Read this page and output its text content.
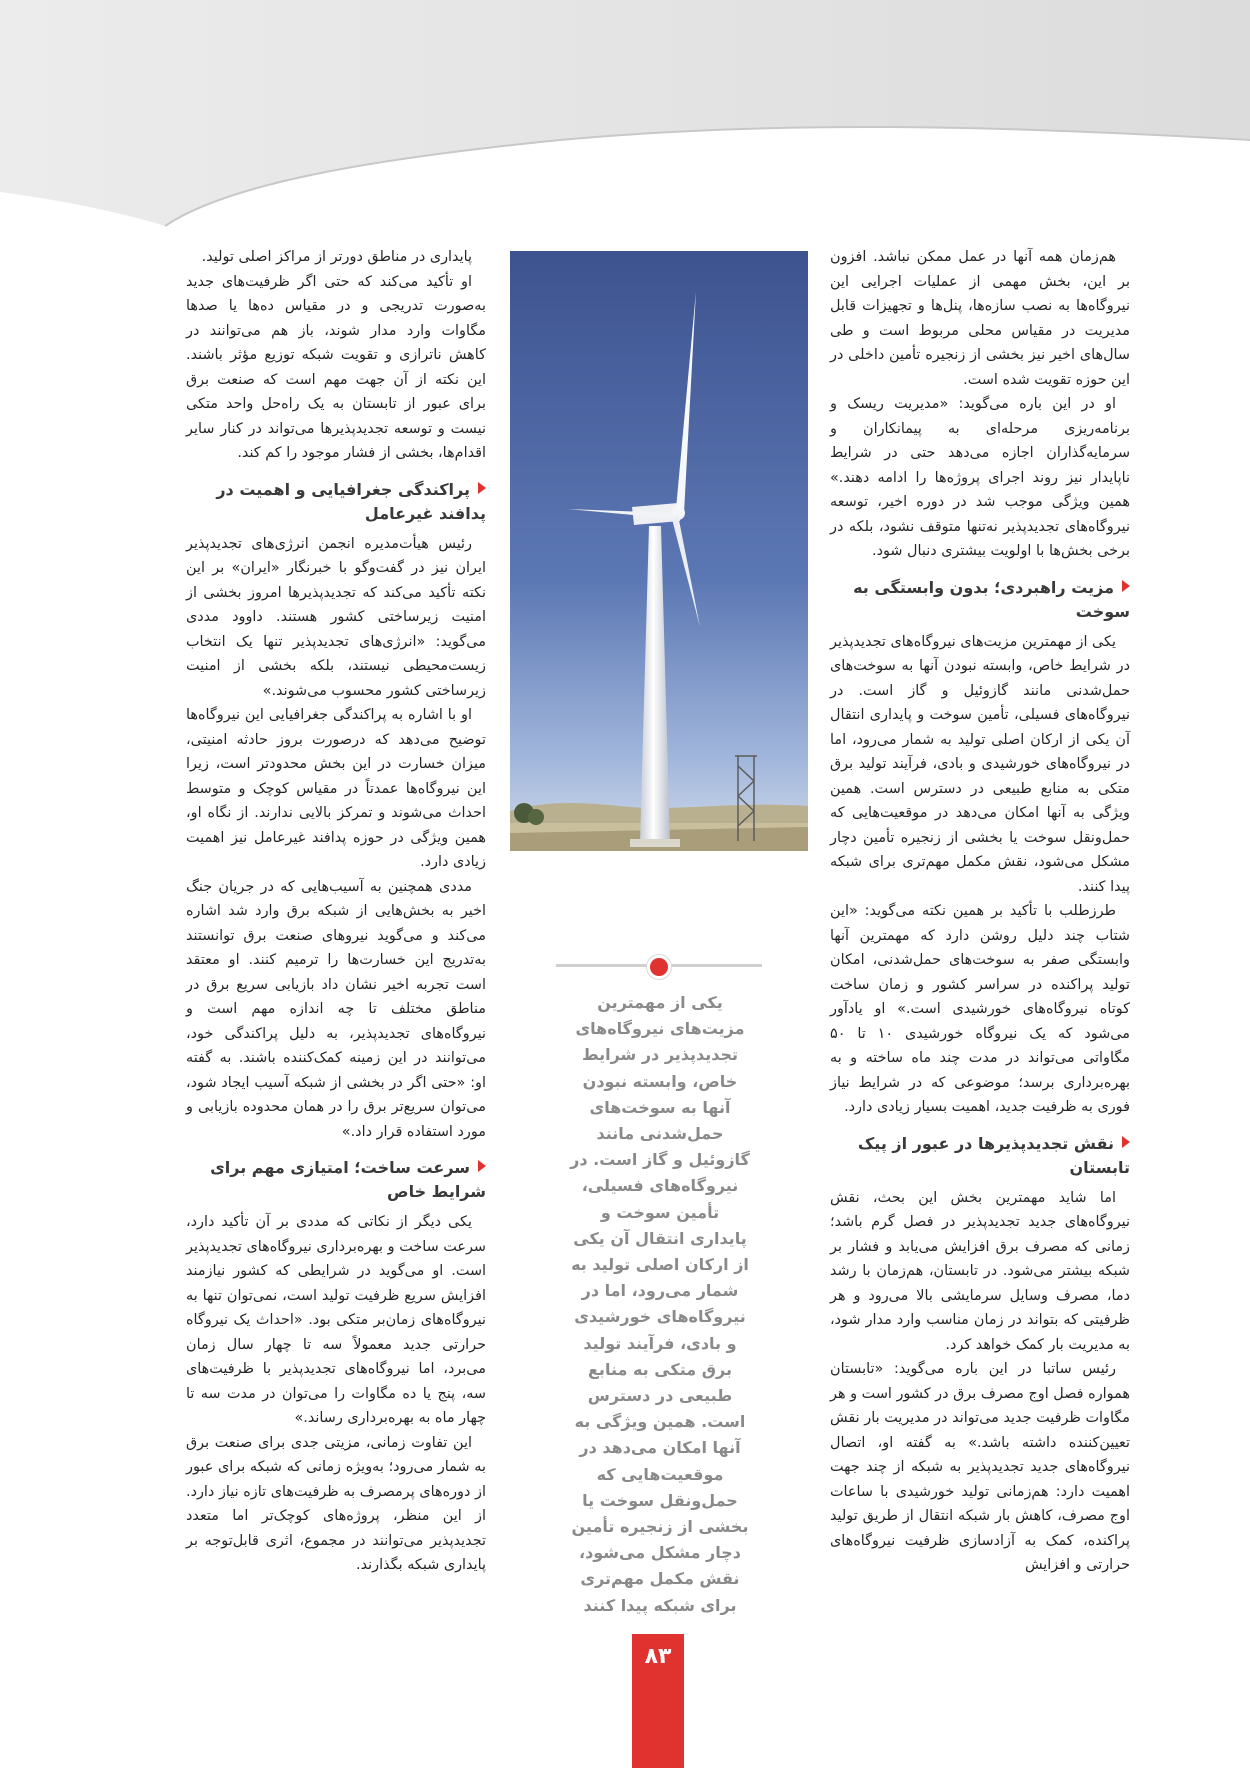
هم‌زمان همه آنها در عمل ممکن نباشد. افزون بر این، بخش مهمی از عملیات اجرایی این نیروگاه‌ها به نصب سازه‌ها، پنل‌ها و تجهیزات قابل مدیریت در مقیاس محلی مربوط است و طی سال‌های اخیر نیز بخشی از زنجیره تأمین داخلی در این حوزه تقویت شده است.

او در این باره می‌گوید: «مدیریت ریسک و برنامه‌ریزی مرحله‌ای به پیمانکاران و سرمایه‌گذاران اجازه می‌دهد حتی در شرایط ناپایدار نیز روند اجرای پروژه‌ها را ادامه دهند.» همین ویژگی موجب شد در دوره اخیر، توسعه نیروگاه‌های تجدیدپذیر نه‌تنها متوقف نشود، بلکه در برخی بخش‌ها با اولویت بیشتری دنبال شود.

مزیت راهبردی؛ بدون وابستگی به سوخت

یکی از مهمترین مزیت‌های نیروگاه‌های تجدیدپذیر در شرایط خاص، وابسته نبودن آنها به سوخت‌های حمل‌شدنی مانند گازوئیل و گاز است. در نیروگاه‌های فسیلی، تأمین سوخت و پایداری انتقال آن یکی از ارکان اصلی تولید به شمار می‌رود، اما در نیروگاه‌های خورشیدی و بادی، فرآیند تولید برق متکی به منابع طبیعی در دسترس است. همین ویژگی به آنها امکان می‌دهد در موقعیت‌هایی که حمل‌ونقل سوخت یا بخشی از زنجیره تأمین دچار مشکل می‌شود، نقش مکمل مهم‌تری برای شبکه پیدا کنند.

طرزطلب با تأکید بر همین نکته می‌گوید: «این شتاب چند دلیل روشن دارد که مهمترین آنها وابستگی صفر به سوخت‌های حمل‌شدنی، امکان تولید پراکنده در سراسر کشور و زمان ساخت کوتاه نیروگاه‌های خورشیدی است.» او یادآور می‌شود که یک نیروگاه خورشیدی ۱۰ تا ۵۰ مگاواتی می‌تواند در مدت چند ماه ساخته و به بهره‌برداری برسد؛ موضوعی که در شرایط نیاز فوری به ظرفیت جدید، اهمیت بسیار زیادی دارد.

نقش تجدیدپذیرها در عبور از پیک تابستان

اما شاید مهمترین بخش این بحث، نقش نیروگاه‌های جدید تجدیدپذیر در فصل گرم باشد؛ زمانی که مصرف برق افزایش می‌یابد و فشار بر شبکه بیشتر می‌شود. در تابستان، هم‌زمان با رشد دما، مصرف وسایل سرمایشی بالا می‌رود و هر ظرفیتی که بتواند در زمان مناسب وارد مدار شود، به مدیریت بار کمک خواهد کرد.

رئیس ساتبا در این باره می‌گوید: «تابستان همواره فصل اوج مصرف برق در کشور است و هر مگاوات ظرفیت جدید می‌تواند در مدیریت بار نقش تعیین‌کننده داشته باشد.» به گفته او، اتصال نیروگاه‌های جدید تجدیدپذیر به شبکه از چند جهت اهمیت دارد: هم‌زمانی تولید خورشیدی با ساعات اوج مصرف، کاهش بار شبکه انتقال از طریق تولید پراکنده، کمک به آزادسازی ظرفیت نیروگاه‌های حرارتی و افزایش

یکی از مهمترین مزیت‌های نیروگاه‌های تجدیدپذیر در شرایط خاص، وابسته نبودن آنها به سوخت‌های حمل‌شدنی مانند گازوئیل و گاز است. در نیروگاه‌های فسیلی، تأمین سوخت و پایداری انتقال آن یکی از ارکان اصلی تولید به شمار می‌رود، اما در نیروگاه‌های خورشیدی و بادی، فرآیند تولید برق متکی به منابع طبیعی در دسترس است. همین ویژگی به آنها امکان می‌دهد در موقعیت‌هایی که حمل‌ونقل سوخت یا بخشی از زنجیره تأمین دچار مشکل می‌شود، نقش مکمل مهم‌تری برای شبکه پیدا کنند

پایداری در مناطق دورتر از مراکز اصلی تولید.

او تأکید می‌کند که حتی اگر ظرفیت‌های جدید به‌صورت تدریجی و در مقیاس ده‌ها یا صدها مگاوات وارد مدار شوند، باز هم می‌توانند در کاهش ناترازی و تقویت شبکه توزیع مؤثر باشند. این نکته از آن جهت مهم است که صنعت برق برای عبور از تابستان به یک راه‌حل واحد متکی نیست و توسعه تجدیدپذیرها می‌تواند در کنار سایر اقدام‌ها، بخشی از فشار موجود را کم کند.

پراکندگی جغرافیایی و اهمیت در پدافند غیرعامل

رئیس هیأت‌مدیره انجمن انرژی‌های تجدیدپذیر ایران نیز در گفت‌وگو با خبرنگار «ایران» بر این نکته تأکید می‌کند که تجدیدپذیرها امروز بخشی از امنیت زیرساختی کشور هستند. داوود مددی می‌گوید: «انرژی‌های تجدیدپذیر تنها یک انتخاب زیست‌محیطی نیستند، بلکه بخشی از امنیت زیرساختی کشور محسوب می‌شوند.»

او با اشاره به پراکندگی جغرافیایی این نیروگاه‌ها توضیح می‌دهد که درصورت بروز حادثه امنیتی، میزان خسارت در این بخش محدودتر است، زیرا این نیروگاه‌ها عمدتاً در مقیاس کوچک و متوسط احداث می‌شوند و تمرکز بالایی ندارند. از نگاه او، همین ویژگی در حوزه پدافند غیرعامل نیز اهمیت زیادی دارد.

مددی همچنین به آسیب‌هایی که در جریان جنگ اخیر به بخش‌هایی از شبکه برق وارد شد اشاره می‌کند و می‌گوید نیروهای صنعت برق توانستند به‌تدریج این خسارت‌ها را ترمیم کنند. او معتقد است تجربه اخیر نشان داد بازیابی سریع برق در مناطق مختلف تا چه اندازه مهم است و نیروگاه‌های تجدیدپذیر، به دلیل پراکندگی خود، می‌توانند در این زمینه کمک‌کننده باشند. به گفته او: «حتی اگر در بخشی از شبکه آسیب ایجاد شود، می‌توان سریع‌تر برق را در همان محدوده بازیابی و مورد استفاده قرار داد.»

سرعت ساخت؛ امتیازی مهم برای شرایط خاص

یکی دیگر از نکاتی که مددی بر آن تأکید دارد، سرعت ساخت و بهره‌برداری نیروگاه‌های تجدیدپذیر است. او می‌گوید در شرایطی که کشور نیازمند افزایش سریع ظرفیت تولید است، نمی‌توان تنها به نیروگاه‌های زمان‌بر متکی بود. «احداث یک نیروگاه حرارتی جدید معمولاً سه تا چهار سال زمان می‌برد، اما نیروگاه‌های تجدیدپذیر با ظرفیت‌های سه، پنج یا ده مگاوات را می‌توان در مدت سه تا چهار ماه به بهره‌برداری رساند.»

این تفاوت زمانی، مزیتی جدی برای صنعت برق به شمار می‌رود؛ به‌ویژه زمانی که شبکه برای عبور از دوره‌های پرمصرف به ظرفیت‌های تازه نیاز دارد. از این منظر، پروژه‌های کوچک‌تر اما متعدد تجدیدپذیر می‌توانند در مجموع، اثری قابل‌توجه بر پایداری شبکه بگذارند.

۸۳
